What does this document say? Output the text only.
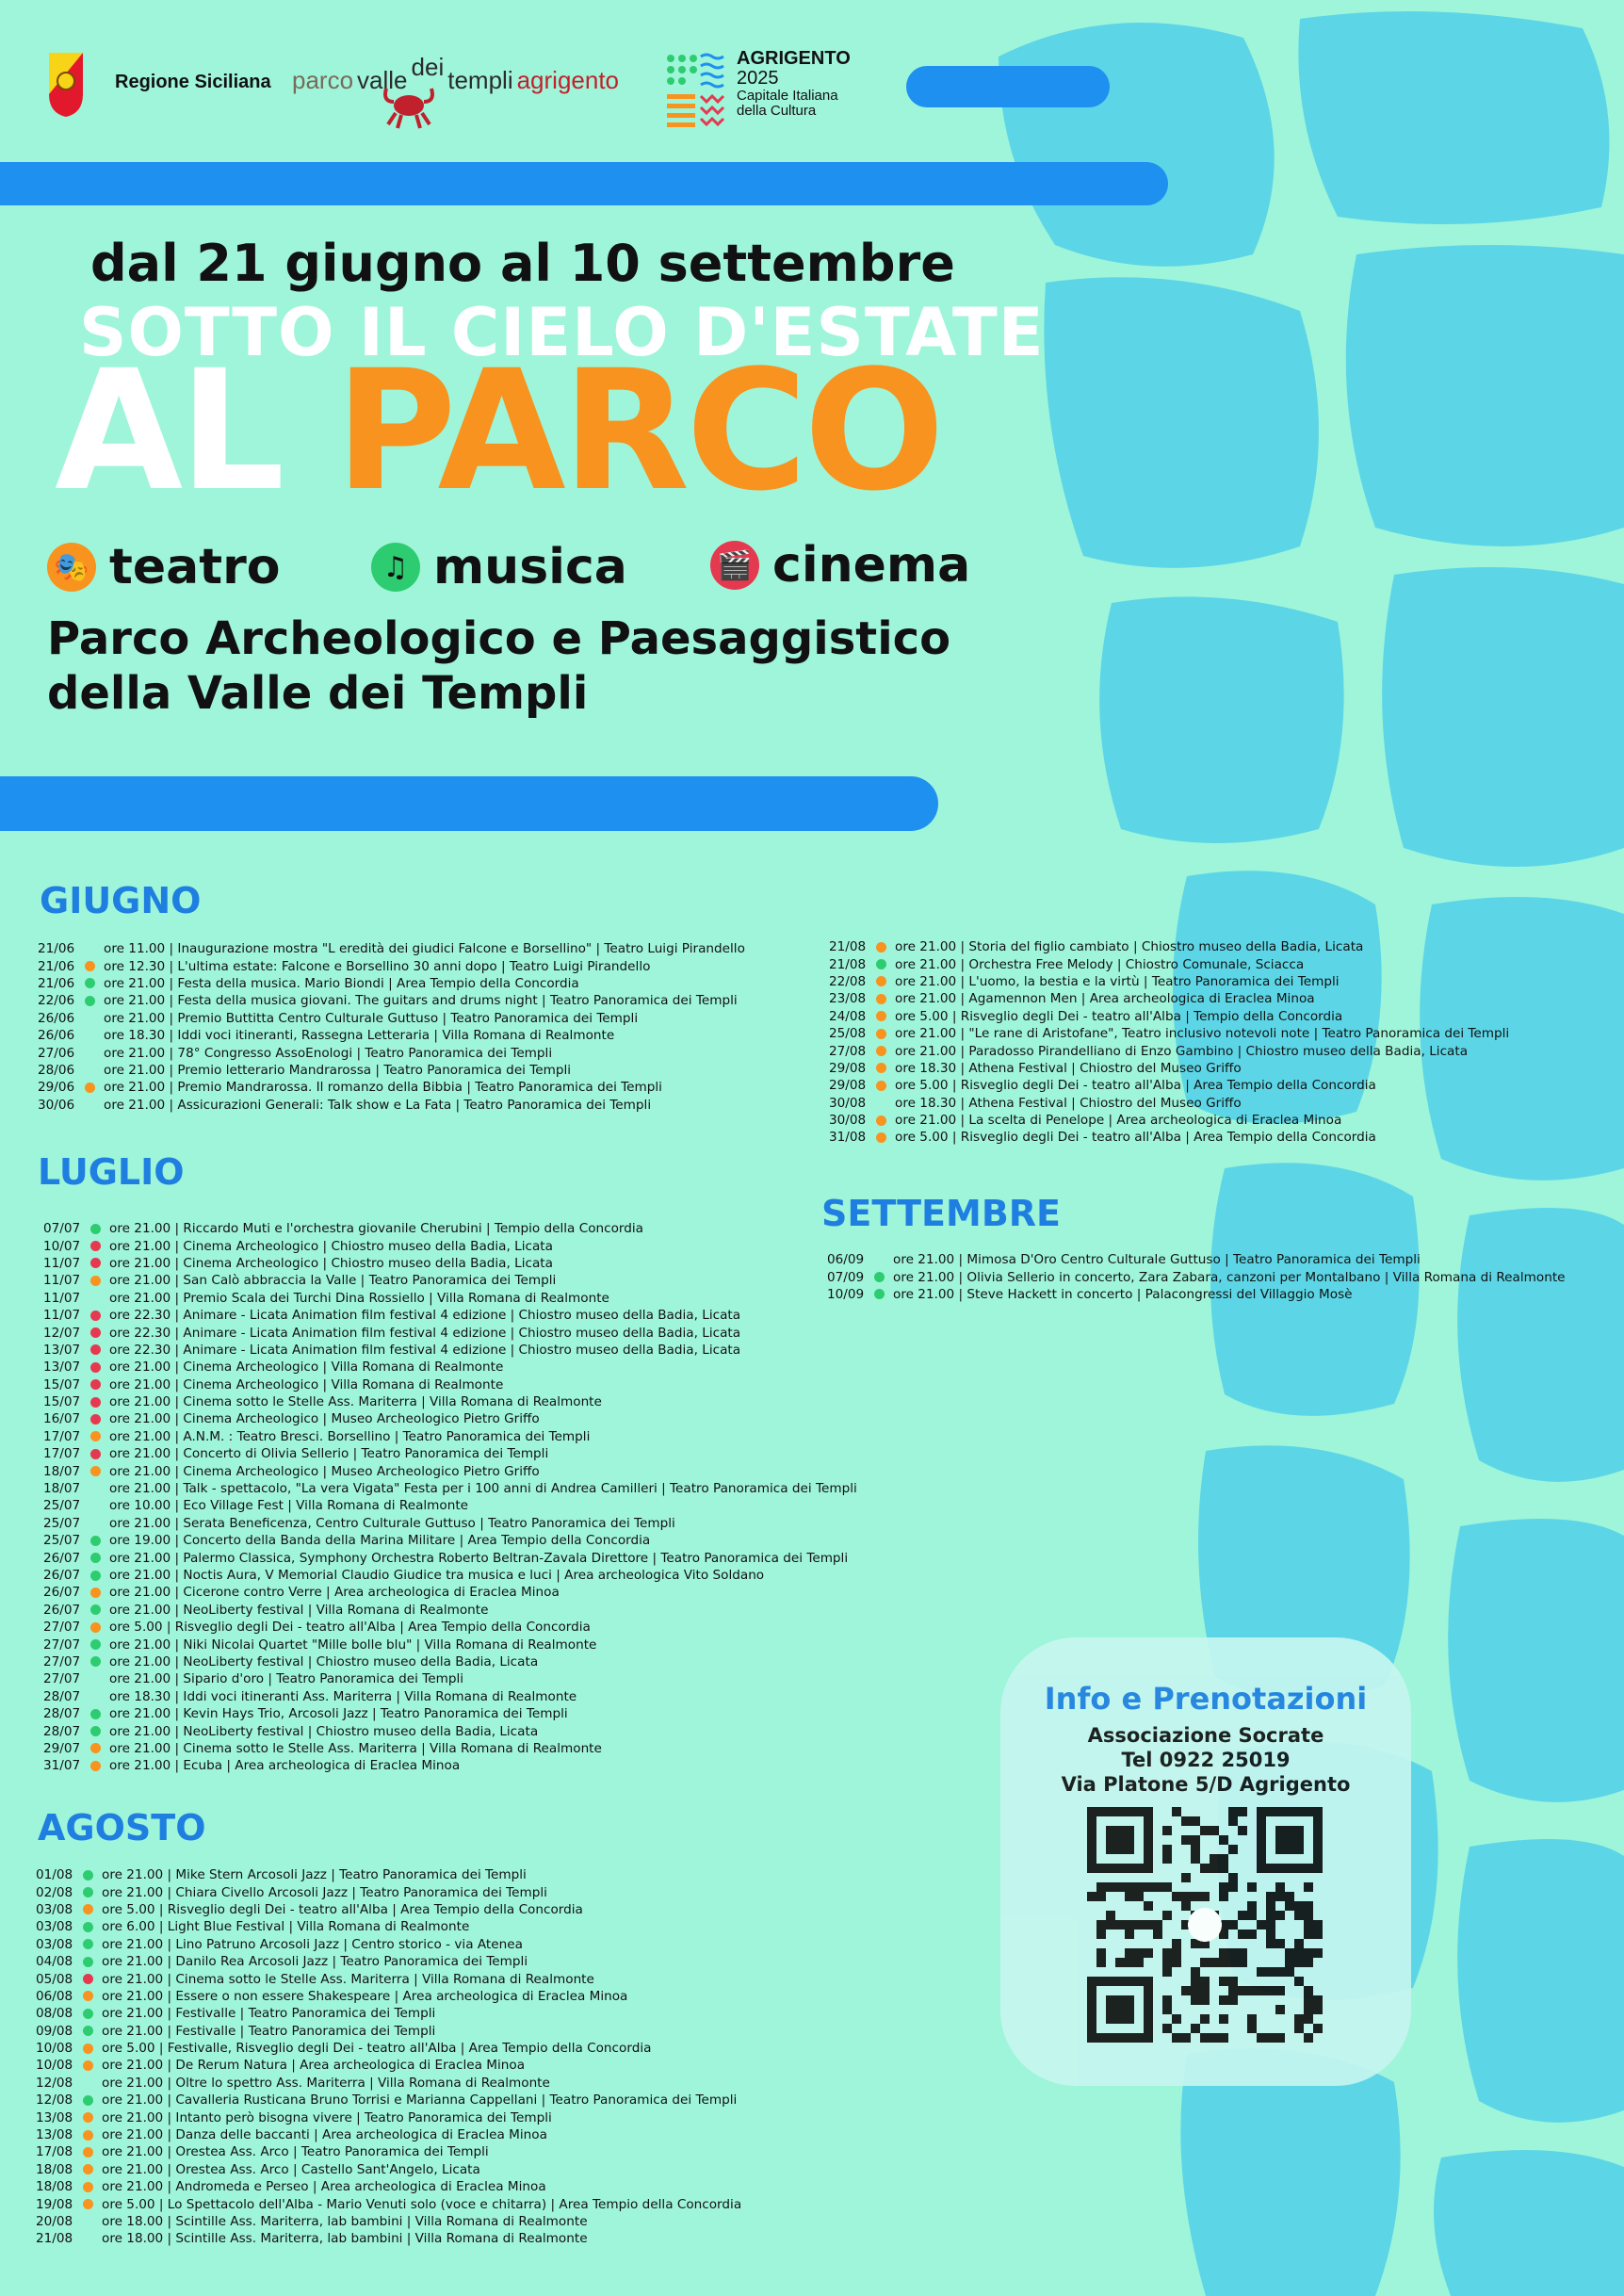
Regione Siciliana parco valle dei templi agrigento
AGRIGENTO
2025
Capitale Italiana
della Cultura
dal 21 giugno al 10 settembre
SOTTO IL CIELO D'ESTATE
AL PARCO
🎭 teatro	♫ musica	🎬 cinema
Parco Archeologico e Paesaggistico
della Valle dei Templi
GIUGNO
21/06	ore 11.00 | Inaugurazione mostra "L eredità dei giudici Falcone e Borsellino" | Teatro Luigi Pirandello
21/06	ore 12.30 | L'ultima estate: Falcone e Borsellino 30 anni dopo | Teatro Luigi Pirandello
21/06	ore 21.00 | Festa della musica. Mario Biondi | Area Tempio della Concordia
22/06	ore 21.00 | Festa della musica giovani. The guitars and drums night | Teatro Panoramica dei Templi
26/06	ore 21.00 | Premio Buttitta Centro Culturale Guttuso | Teatro Panoramica dei Templi
26/06	ore 18.30 | Iddi voci itineranti, Rassegna Letteraria | Villa Romana di Realmonte
27/06	ore 21.00 | 78° Congresso AssoEnologi | Teatro Panoramica dei Templi
28/06	ore 21.00 | Premio letterario Mandrarossa | Teatro Panoramica dei Templi
29/06	ore 21.00 | Premio Mandrarossa. Il romanzo della Bibbia | Teatro Panoramica dei Templi
30/06	ore 21.00 | Assicurazioni Generali: Talk show e La Fata | Teatro Panoramica dei Templi
LUGLIO
07/07	ore 21.00 | Riccardo Muti e l'orchestra giovanile Cherubini | Tempio della Concordia
10/07	ore 21.00 | Cinema Archeologico | Chiostro museo della Badia, Licata
11/07	ore 21.00 | Cinema Archeologico | Chiostro museo della Badia, Licata
11/07	ore 21.00 | San Calò abbraccia la Valle | Teatro Panoramica dei Templi
11/07	ore 21.00 | Premio Scala dei Turchi Dina Rossiello | Villa Romana di Realmonte
11/07	ore 22.30 | Animare - Licata Animation film festival 4 edizione | Chiostro museo della Badia, Licata
12/07	ore 22.30 | Animare - Licata Animation film festival 4 edizione | Chiostro museo della Badia, Licata
13/07	ore 22.30 | Animare - Licata Animation film festival 4 edizione | Chiostro museo della Badia, Licata
13/07	ore 21.00 | Cinema Archeologico | Villa Romana di Realmonte
15/07	ore 21.00 | Cinema Archeologico | Villa Romana di Realmonte
15/07	ore 21.00 | Cinema sotto le Stelle Ass. Mariterra | Villa Romana di Realmonte
16/07	ore 21.00 | Cinema Archeologico | Museo Archeologico Pietro Griffo
17/07	ore 21.00 | A.N.M. : Teatro Bresci. Borsellino | Teatro Panoramica dei Templi
17/07	ore 21.00 | Concerto di Olivia Sellerio | Teatro Panoramica dei Templi
18/07	ore 21.00 | Cinema Archeologico | Museo Archeologico Pietro Griffo
18/07	ore 21.00 | Talk - spettacolo, "La vera Vigata" Festa per i 100 anni di Andrea Camilleri | Teatro Panoramica dei Templi
25/07	ore 10.00 | Eco Village Fest | Villa Romana di Realmonte
25/07	ore 21.00 | Serata Beneficenza, Centro Culturale Guttuso | Teatro Panoramica dei Templi
25/07	ore 19.00 | Concerto della Banda della Marina Militare | Area Tempio della Concordia
26/07	ore 21.00 | Palermo Classica, Symphony Orchestra Roberto Beltran-Zavala Direttore | Teatro Panoramica dei Templi
26/07	ore 21.00 | Noctis Aura, V Memorial Claudio Giudice tra musica e luci | Area archeologica Vito Soldano
26/07	ore 21.00 | Cicerone contro Verre | Area archeologica di Eraclea Minoa
26/07	ore 21.00 | NeoLiberty festival | Villa Romana di Realmonte
27/07	ore 5.00 | Risveglio degli Dei - teatro all'Alba | Area Tempio della Concordia
27/07	ore 21.00 | Niki Nicolai Quartet "Mille bolle blu" | Villa Romana di Realmonte
27/07	ore 21.00 | NeoLiberty festival | Chiostro museo della Badia, Licata
27/07	ore 21.00 | Sipario d'oro | Teatro Panoramica dei Templi
28/07	ore 18.30 | Iddi voci itineranti Ass. Mariterra | Villa Romana di Realmonte
28/07	ore 21.00 | Kevin Hays Trio, Arcosoli Jazz | Teatro Panoramica dei Templi
28/07	ore 21.00 | NeoLiberty festival | Chiostro museo della Badia, Licata
29/07	ore 21.00 | Cinema sotto le Stelle Ass. Mariterra | Villa Romana di Realmonte
31/07	ore 21.00 | Ecuba | Area archeologica di Eraclea Minoa
AGOSTO
01/08	ore 21.00 | Mike Stern Arcosoli Jazz | Teatro Panoramica dei Templi
02/08	ore 21.00 | Chiara Civello Arcosoli Jazz | Teatro Panoramica dei Templi
03/08	ore 5.00 | Risveglio degli Dei - teatro all'Alba | Area Tempio della Concordia
03/08	ore 6.00 | Light Blue Festival | Villa Romana di Realmonte
03/08	ore 21.00 | Lino Patruno Arcosoli Jazz | Centro storico - via Atenea
04/08	ore 21.00 | Danilo Rea Arcosoli Jazz | Teatro Panoramica dei Templi
05/08	ore 21.00 | Cinema sotto le Stelle Ass. Mariterra | Villa Romana di Realmonte
06/08	ore 21.00 | Essere o non essere Shakespeare | Area archeologica di Eraclea Minoa
08/08	ore 21.00 | Festivalle | Teatro Panoramica dei Templi
09/08	ore 21.00 | Festivalle | Teatro Panoramica dei Templi
10/08	ore 5.00 | Festivalle, Risveglio degli Dei - teatro all'Alba | Area Tempio della Concordia
10/08	ore 21.00 | De Rerum Natura | Area archeologica di Eraclea Minoa
12/08	ore 21.00 | Oltre lo spettro Ass. Mariterra | Villa Romana di Realmonte
12/08	ore 21.00 | Cavalleria Rusticana Bruno Torrisi e Marianna Cappellani | Teatro Panoramica dei Templi
13/08	ore 21.00 | Intanto però bisogna vivere | Teatro Panoramica dei Templi
13/08	ore 21.00 | Danza delle baccanti | Area archeologica di Eraclea Minoa
17/08	ore 21.00 | Orestea Ass. Arco | Teatro Panoramica dei Templi
18/08	ore 21.00 | Orestea Ass. Arco | Castello Sant'Angelo, Licata
18/08	ore 21.00 | Andromeda e Perseo | Area archeologica di Eraclea Minoa
19/08	ore 5.00 | Lo Spettacolo dell'Alba - Mario Venuti solo (voce e chitarra) | Area Tempio della Concordia
20/08	ore 18.00 | Scintille Ass. Mariterra, lab bambini | Villa Romana di Realmonte
21/08	ore 18.00 | Scintille Ass. Mariterra, lab bambini | Villa Romana di Realmonte
21/08	ore 21.00 | Storia del figlio cambiato | Chiostro museo della Badia, Licata
21/08	ore 21.00 | Orchestra Free Melody | Chiostro Comunale, Sciacca
22/08	ore 21.00 | L'uomo, la bestia e la virtù | Teatro Panoramica dei Templi
23/08	ore 21.00 | Agamennon Men | Area archeologica di Eraclea Minoa
24/08	ore 5.00 | Risveglio degli Dei - teatro all'Alba | Tempio della Concordia
25/08	ore 21.00 | "Le rane di Aristofane", Teatro inclusivo notevoli note | Teatro Panoramica dei Templi
27/08	ore 21.00 | Paradosso Pirandelliano di Enzo Gambino | Chiostro museo della Badia, Licata
29/08	ore 18.30 | Athena Festival | Chiostro del Museo Griffo
29/08	ore 5.00 | Risveglio degli Dei - teatro all'Alba | Area Tempio della Concordia
30/08	ore 18.30 | Athena Festival | Chiostro del Museo Griffo
30/08	ore 21.00 | La scelta di Penelope | Area archeologica di Eraclea Minoa
31/08	ore 5.00 | Risveglio degli Dei - teatro all'Alba | Area Tempio della Concordia
SETTEMBRE
06/09	ore 21.00 | Mimosa D'Oro Centro Culturale Guttuso | Teatro Panoramica dei Templi
07/09	ore 21.00 | Olivia Sellerio in concerto, Zara Zabara, canzoni per Montalbano | Villa Romana di Realmonte
10/09	ore 21.00 | Steve Hackett in concerto | Palacongressi del Villaggio Mosè
Info e Prenotazioni
Associazione Socrate
Tel 0922 25019
Via Platone 5/D Agrigento
